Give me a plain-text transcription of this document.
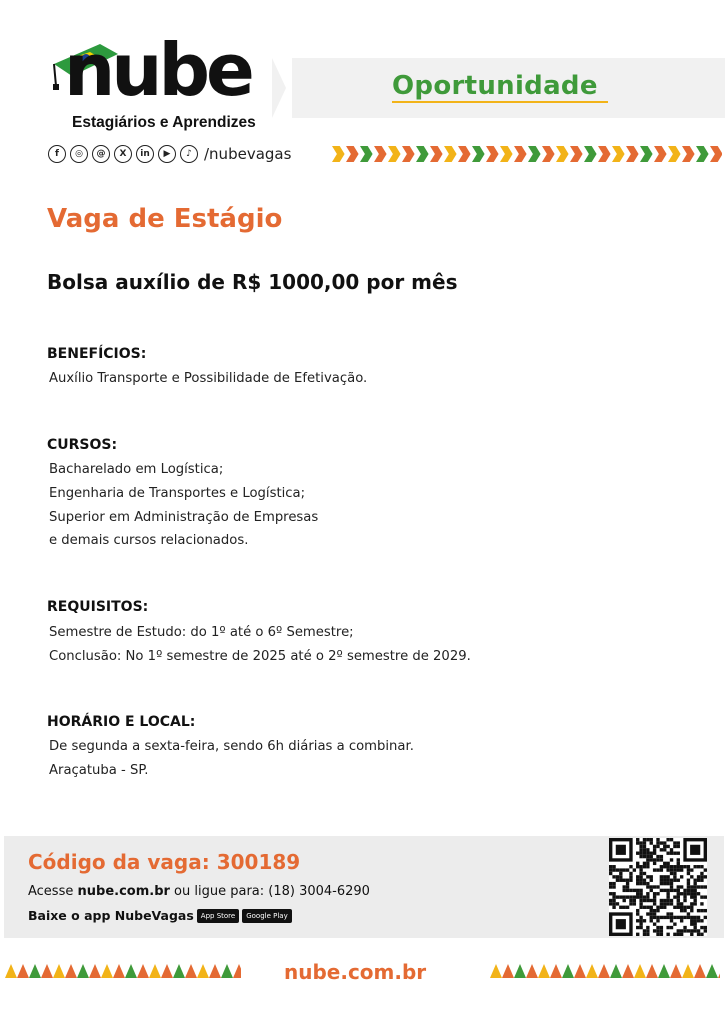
nube
Estagiários e Aprendizes
Oportunidade
f	◎	@	X	in	▶	♪ /nubevagas
Vaga de Estágio
Bolsa auxílio de R$ 1000,00 por mês
BENEFÍCIOS:
Auxílio Transporte e Possibilidade de Efetivação.
CURSOS:
Bacharelado em Logística;
Engenharia de Transportes e Logística;
Superior em Administração de Empresas
e demais cursos relacionados.
REQUISITOS:
Semestre de Estudo: do 1º até o 6º Semestre;
Conclusão: No 1º semestre de 2025 até o 2º semestre de 2029.
HORÁRIO E LOCAL:
De segunda a sexta-feira, sendo 6h diárias a combinar.
Araçatuba - SP.
Código da vaga: 300189
Acesse nube.com.br ou ligue para: (18) 3004-6290
Baixe o app NubeVagas	App Store	Google Play
nube.com.br
